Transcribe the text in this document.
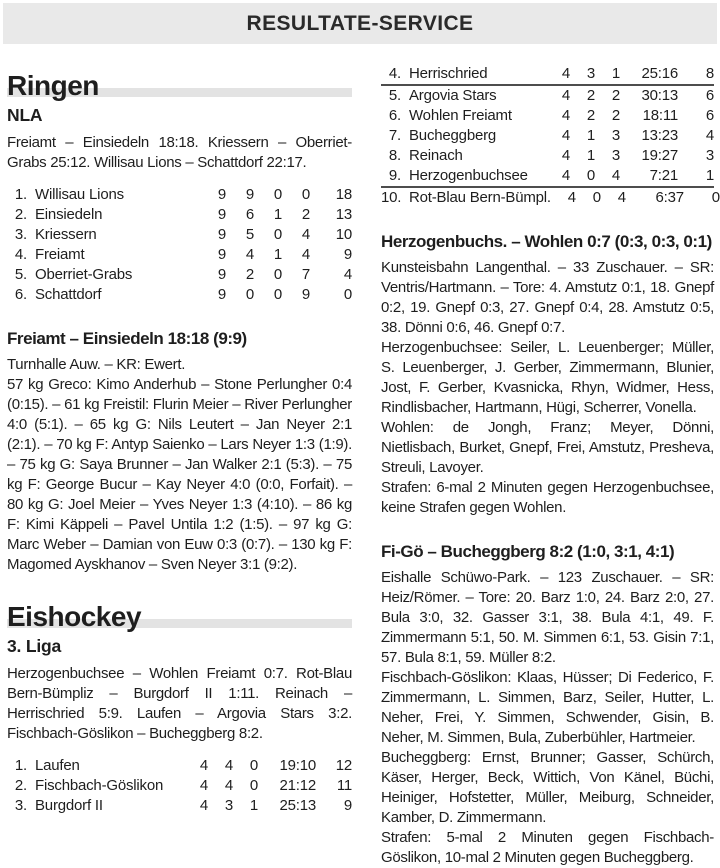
RESULTATE-SERVICE
Ringen
NLA

Freiamt – Einsiedeln 18:18. Kriessern – Oberriet-Grabs 25:12. Willisau Lions – Schattdorf 22:17.

1. Willisau Lions	9	9	0	0	18
2. Einsiedeln	9	6	1	2	13
3. Kriessern	9	5	0	4	10
4. Freiamt	9	4	1	4	9
5. Oberriet-Grabs	9	2	0	7	4
6. Schattdorf	9	0	0	9	0
Freiamt – Einsiedeln 18:18 (9:9)

Turnhalle Auw. – KR: Ewert.

57 kg Greco: Kimo Anderhub – Stone Perlungher 0:4 (0:15). – 61 kg Freistil: Flurin Meier – River Perlungher 4:0 (5:1). – 65 kg G: Nils Leutert – Jan Neyer 2:1 (2:1). – 70 kg F: Antyp Saienko – Lars Neyer 1:3 (1:9). – 75 kg G: Saya Brunner – Jan Walker 2:1 (5:3). – 75 kg F: George Bucur – Kay Neyer 4:0 (0:0, Forfait). – 80 kg G: Joel Meier – Yves Neyer 1:3 (4:10). – 86 kg F: Kimi Käppeli – Pavel Untila 1:2 (1:5). – 97 kg G: Marc Weber – Damian von Euw 0:3 (0:7). – 130 kg F: Magomed Ayskhanov – Sven Neyer 3:1 (9:2).

Eishockey
3. Liga

Herzogenbuchsee – Wohlen Freiamt 0:7. Rot-Blau Bern-Bümpliz – Burgdorf II 1:11. Reinach – Herrischried 5:9. Laufen – Argovia Stars 3:2. Fischbach-Göslikon – Bucheggberg 8:2.

1. Laufen	4	4	0	19:10	12
2. Fischbach-Göslikon	4	4	0	21:12	11
3. Burgdorf II	4	3	1	25:13	9
4. Herrischried	4	3	1	25:16	8
5. Argovia Stars	4	2	2	30:13	6
6. Wohlen Freiamt	4	2	2	18:11	6
7. Bucheggberg	4	1	3	13:23	4
8. Reinach	4	1	3	19:27	3
9. Herzogenbuchsee	4	0	4	7:21	1
10. Rot-Blau Bern-Bümpl.	4	0	4	6:37	0
Herzogenbuchs. – Wohlen 0:7 (0:3, 0:3, 0:1)

Kunsteisbahn Langenthal. – 33 Zuschauer. – SR: Ventris/Hartmann. – Tore: 4. Amstutz 0:1, 18. Gnepf 0:2, 19. Gnepf 0:3, 27. Gnepf 0:4, 28. Amstutz 0:5, 38. Dönni 0:6, 46. Gnepf 0:7.

Herzogenbuchsee: Seiler, L. Leuenberger; Müller, S. Leuenberger, J. Gerber, Zimmermann, Blunier, Jost, F. Gerber, Kvasnicka, Rhyn, Widmer, Hess, Rindlisbacher, Hartmann, Hügi, Scherrer, Vonella.

Wohlen: de Jongh, Franz; Meyer, Dönni, Nietlisbach, Burket, Gnepf, Frei, Amstutz, Presheva, Streuli, Lavoyer.

Strafen: 6-mal 2 Minuten gegen Herzogenbuchsee, keine Strafen gegen Wohlen.

Fi-Gö – Bucheggberg 8:2 (1:0, 3:1, 4:1)

Eishalle Schüwo-Park. – 123 Zuschauer. – SR: Heiz/Römer. – Tore: 20. Barz 1:0, 24. Barz 2:0, 27. Bula 3:0, 32. Gasser 3:1, 38. Bula 4:1, 49. F. Zimmermann 5:1, 50. M. Simmen 6:1, 53. Gisin 7:1, 57. Bula 8:1, 59. Müller 8:2.

Fischbach-Göslikon: Klaas, Hüsser; Di Federico, F. Zimmermann, L. Simmen, Barz, Seiler, Hutter, L. Neher, Frei, Y. Simmen, Schwender, Gisin, B. Neher, M. Simmen, Bula, Zuberbühler, Hartmeier.

Bucheggberg: Ernst, Brunner; Gasser, Schürch, Käser, Herger, Beck, Wittich, Von Känel, Büchi, Heiniger, Hofstetter, Müller, Meiburg, Schneider, Kamber, D. Zimmermann.

Strafen: 5-mal 2 Minuten gegen Fischbach-Göslikon, 10-mal 2 Minuten gegen Bucheggberg.
